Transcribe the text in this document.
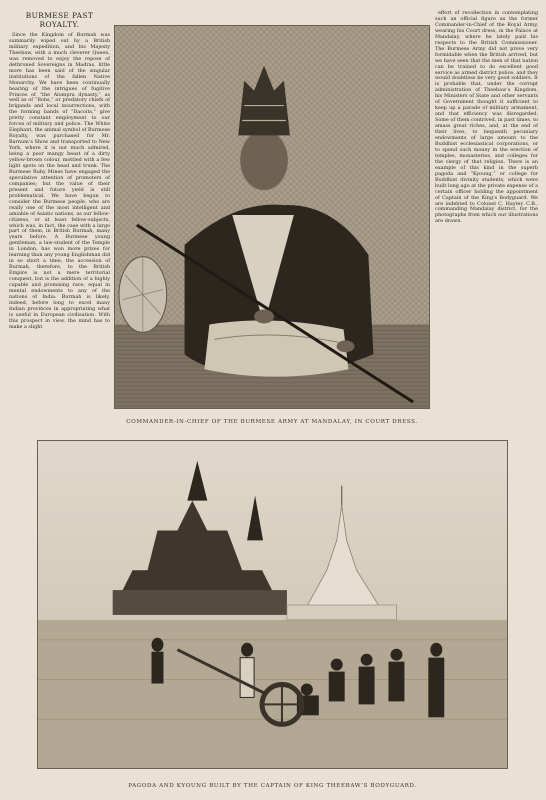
BURMESE PAST
ROYALTY.

Since the Kingdom of Burmah was summarily wiped out by a British military expedition, and his Majesty Theebaw, with a much cleverer Queen, was removed to enjoy the repose of dethroned Sovereigns in Madras, little more has been said of the singular institutions of the fallen Native Monarchy. We have been continually hearing of the intrigues of fugitive Princes of “the Alompra dynasty,” as well as of “Bohs,” or predatory chiefs of brigands and local insurrections, with the forming bands of “Dacoits,” give pretty constant employment to our forces of military and police. The White Elephant, the animal symbol of Burmese Royalty, was purchased for Mr. Barnum’s Show and transported to New York, where it is not much admired, being a poor mangy beast of a dirty yellow-brown colour, mottled with a few light spots on the head and trunk. The Burmese Ruby Mines have engaged the speculative attention of promoters of companies; but the value of their present and future yield is still problematical. We have begun to consider the Burmese people, who are really one of the most intelligent and amiable of Asiatic nations, as our fellow-citizens, or at least fellow-subjects, which was, in fact, the case with a large part of them, in British Burmah, many years before. A Burmese young gentleman, a law-student of the Temple in London, has won more prizes for learning than any young Englishman did in so short a time; the accession of Burmah, therefore, to the British Empire is not a mere territorial conquest, but is the addition of a highly capable and promising race, equal in mental endowments to any of the nations of India. Burmah is likely, indeed, before long to excel many Indian provinces in appropriating what is useful in European civilisation. With this prospect in view, the mind has to make a slight

effort of recollection in contemplating such an official figure as the former Commander-in-Chief of the Royal Army, wearing his Court dress, in the Palace at Mandalay, where he lately paid his respects to the British Commissioner. The Burmese Army did not prove very formidable when the British arrived, but we have seen that the men of that nation can be trained to do excellent good service as armed district police, and they would doubtless be very good soldiers. It is probable that, under the corrupt administration of Theebaw’s Kingdom, his Ministers of State and other servants of Government thought it sufficient to keep up a parade of military armament, and that efficiency was disregarded. Some of them contrived, in past times, to amass great riches, and, at the end of their lives, to bequeath pecuniary endowments of large amount to the Buddhist ecclesiastical corporations, or to spend such money in the erection of temples, monasteries, and colleges for the clergy of that religion. There is an example of this kind in the superb pagoda and “Kyoung,” or college for Buddhist divinity students, which were built long ago at the private expense of a certain officer holding the appointment of Captain of the King’s Bodyguard. We are indebted to Colonel C. Hayter, C.B., commanding Mandalay district, for the photographs from which our illustrations are drawn.

COMMANDER-IN-CHIEF OF THE BURMESE ARMY AT MANDALAY, IN COURT DRESS.
PAGODA AND KYOUNG BUILT BY THE CAPTAIN OF KING THEEBAW’S BODYGUARD.
